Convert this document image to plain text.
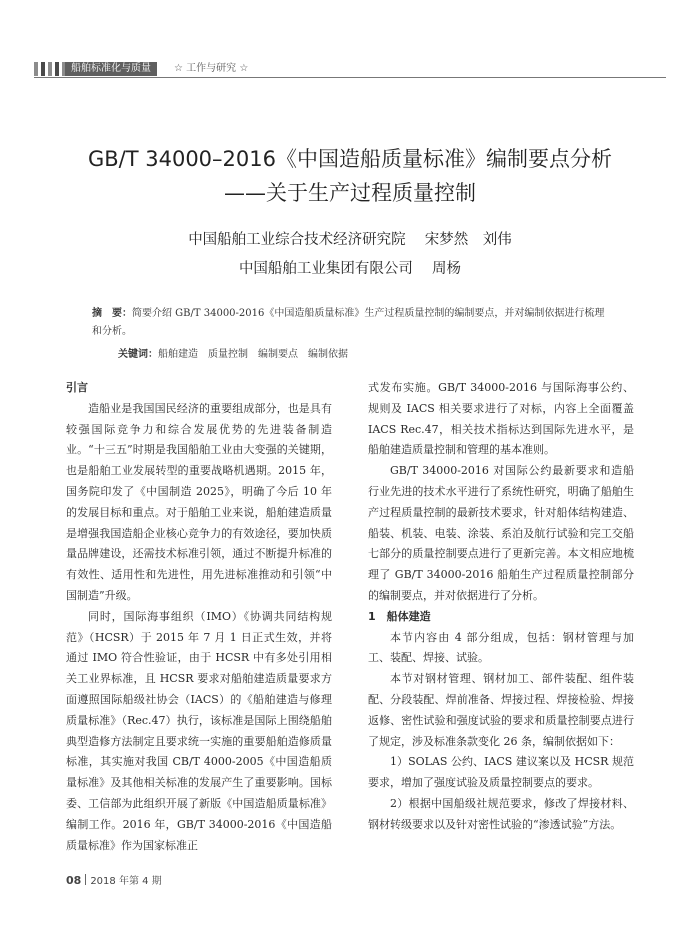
船舶标准化与质量	☆ 工作与研究 ☆
GB/T 34000–2016《中国造船质量标准》编制要点分析
——关于生产过程质量控制
中国船舶工业综合技术经济研究院　 宋梦然　刘伟
中国船舶工业集团有限公司　 周杨
摘　要：简要介绍 GB/T 34000-2016《中国造船质量标准》生产过程质量控制的编制要点，并对编制依据进行梳理和分析。
关键词：船舶建造 质量控制 编制要点 编制依据
引言

造船业是我国国民经济的重要组成部分，也是具有较强国际竞争力和综合发展优势的先进装备制造业。“十三五”时期是我国船舶工业由大变强的关键期，也是船舶工业发展转型的重要战略机遇期。2015 年，国务院印发了《中国制造 2025》，明确了今后 10 年的发展目标和重点。对于船舶工业来说，船舶建造质量是增强我国造船企业核心竞争力的有效途径，要加快质量品牌建设，还需技术标准引领，通过不断提升标准的有效性、适用性和先进性，用先进标准推动和引领“中国制造”升级。

同时，国际海事组织（IMO）《协调共同结构规范》（HCSR）于 2015 年 7 月 1 日正式生效，并将通过 IMO 符合性验证，由于 HCSR 中有多处引用相关工业界标准，且 HCSR 要求对船舶建造质量要求方面遵照国际船级社协会（IACS）的《船舶建造与修理质量标准》（Rec.47）执行，该标准是国际上围绕船舶典型造修方法制定且要求统一实施的重要船舶造修质量标准，其实施对我国 CB/T 4000-2005《中国造船质量标准》及其他相关标准的发展产生了重要影响。国标委、工信部为此组织开展了新版《中国造船质量标准》编制工作。2016 年，GB/T 34000-2016《中国造船质量标准》作为国家标准正

式发布实施。GB/T 34000-2016 与国际海事公约、规则及 IACS 相关要求进行了对标，内容上全面覆盖 IACS Rec.47，相关技术指标达到国际先进水平，是船舶建造质量控制和管理的基本准则。

GB/T 34000-2016 对国际公约最新要求和造船行业先进的技术水平进行了系统性研究，明确了船舶生产过程质量控制的最新技术要求，针对船体结构建造、船装、机装、电装、涂装、系泊及航行试验和完工交船七部分的质量控制要点进行了更新完善。本文相应地梳理了 GB/T 34000-2016 船舶生产过程质量控制部分的编制要点，并对依据进行了分析。

1　船体建造

本节内容由 4 部分组成，包括：钢材管理与加工、装配、焊接、试验。

本节对钢材管理、钢材加工、部件装配、组件装配、分段装配、焊前准备、焊接过程、焊接检验、焊接返修、密性试验和强度试验的要求和质量控制要点进行了规定，涉及标准条款变化 26 条，编制依据如下：

1）SOLAS 公约、IACS 建议案以及 HCSR 规范要求，增加了强度试验及质量控制要点的要求。

2）根据中国船级社规范要求，修改了焊接材料、钢材转级要求以及针对密性试验的“渗透试验”方法。

08 2018 年第 4 期
